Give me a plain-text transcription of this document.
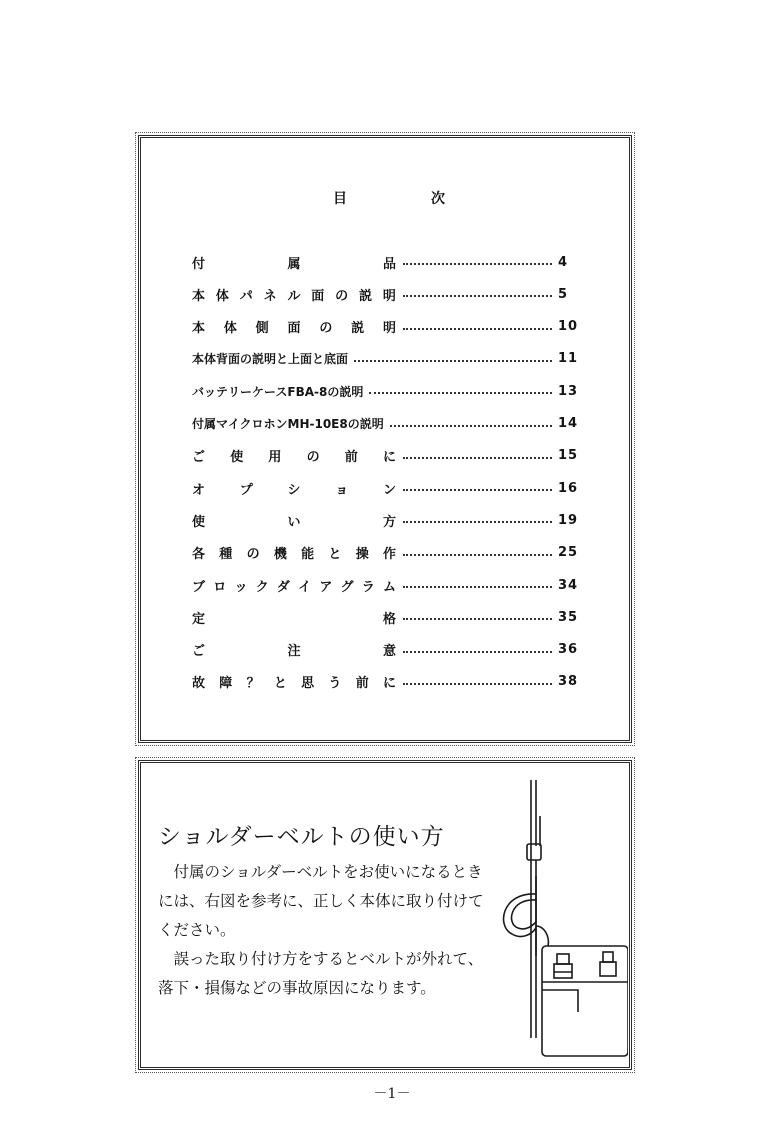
目	次
付	属	品	4
本 体 パ ネ ル 面 の 説 明	5
本 体 側 面 の 説 明	10
本体背面の説明と上面と底面	11
バッテリーケースFBA-8の説明	13
付属マイクロホンMH-10E8の説明	14
ご 使 用 の 前 に	15
オ	プ	シ	ョ	ン	16
使	い	方	19
各 種 の 機 能 と 操 作	25
ブ ロ ッ ク ダ イ ア グ ラ ム	34
定	格	35
ご	注	意	36
故 障 ？ と 思 う 前 に	38
ショルダーベルトの使い方

付属のショルダーベルトをお使いになるときには、右図を参考に、正しく本体に取り付けてください。

誤った取り付け方をするとベルトが外れて、落下・損傷などの事故原因になります。

－1－
